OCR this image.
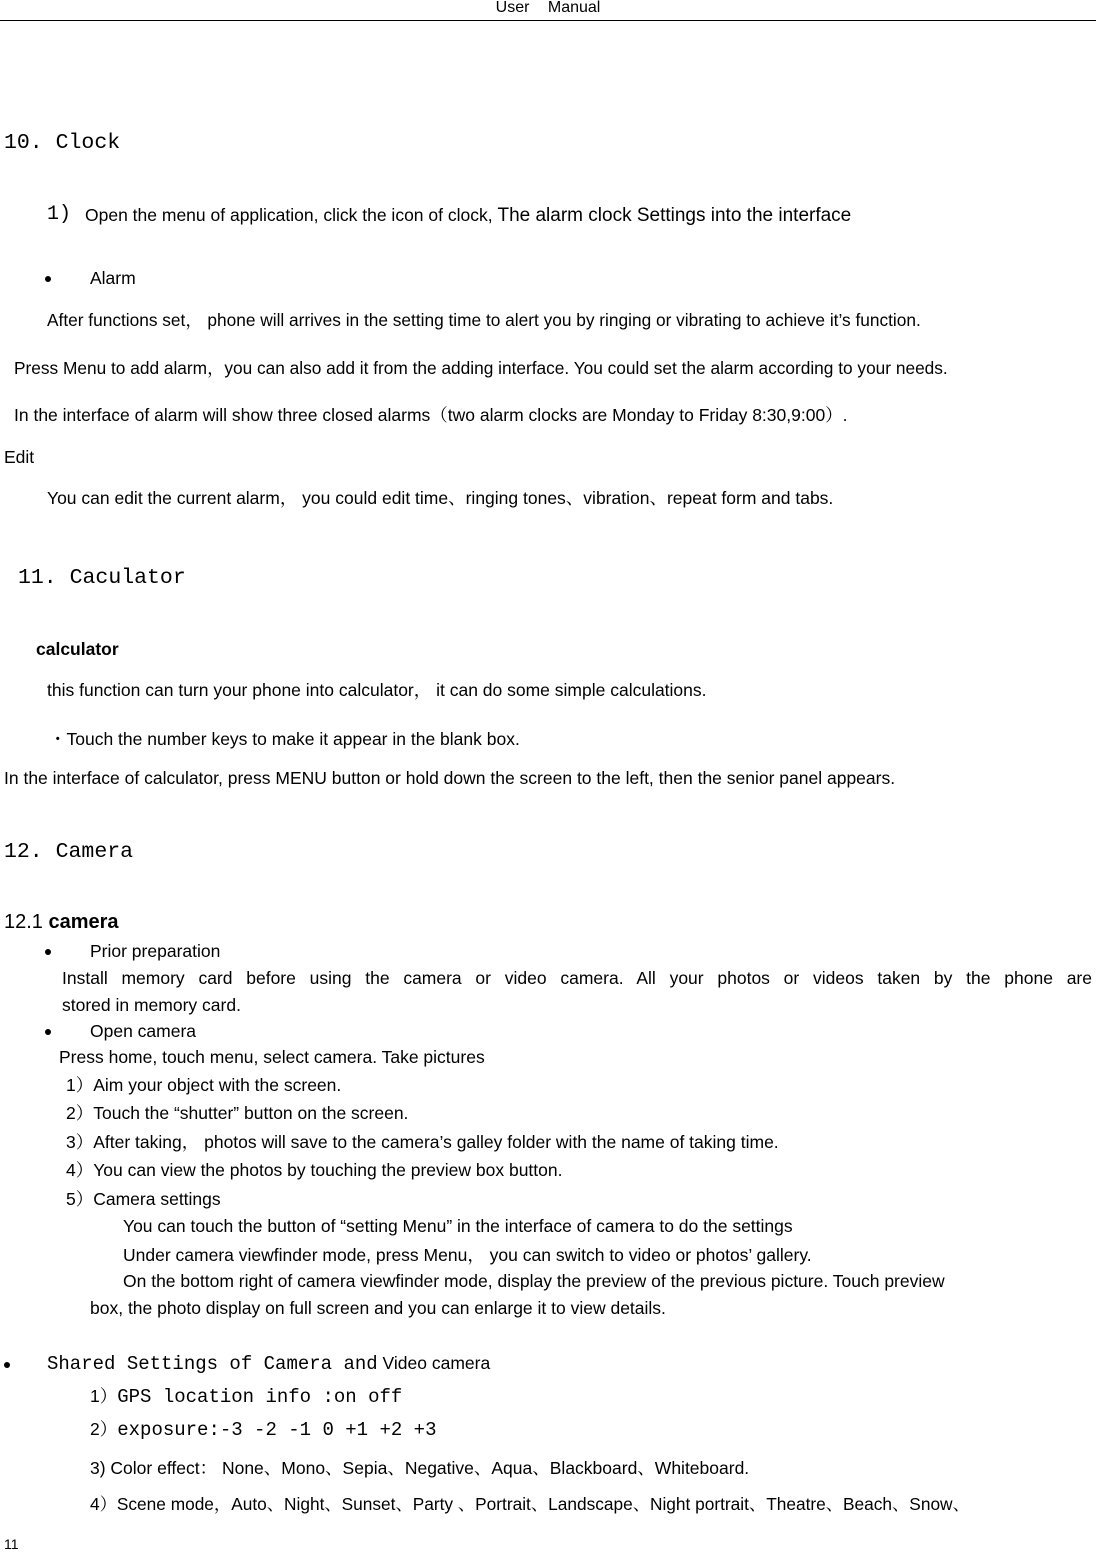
User Manual
10. Clock
1) Open the menu of application, click the icon of clock, The alarm clock Settings into the interface
Alarm
After functions set， phone will arrives in the setting time to alert you by ringing or vibrating to achieve it’s function.
Press Menu to add alarm，you can also add it from the adding interface. You could set the alarm according to your needs.
In the interface of alarm will show three closed alarms（two alarm clocks are Monday to Friday 8:30,9:00）.
Edit
You can edit the current alarm， you could edit time、ringing tones、vibration、repeat form and tabs.
11. Caculator
calculator
this function can turn your phone into calculator， it can do some simple calculations.
・Touch the number keys to make it appear in the blank box.
In the interface of calculator, press MENU button or hold down the screen to the left, then the senior panel appears.
12. Camera
12.1 camera
Prior preparation
Install memory card before using the camera or video camera. All your photos or videos taken by the phone are
stored in memory card.
Open camera
Press home, touch menu, select camera. Take pictures
1）Aim your object with the screen.
2）Touch the “shutter” button on the screen.
3）After taking， photos will save to the camera’s galley folder with the name of taking time.
4）You can view the photos by touching the preview box button.
5）Camera settings
You can touch the button of “setting Menu” in the interface of camera to do the settings
Under camera viewfinder mode, press Menu， you can switch to video or photos’ gallery.
On the bottom right of camera viewfinder mode, display the preview of the previous picture. Touch preview
box, the photo display on full screen and you can enlarge it to view details.
Shared Settings of Camera and Video camera
1）GPS location info :on off
2）exposure:-3 -2 -1 0 +1 +2 +3
3) Color effect： None、Mono、Sepia、Negative、Aqua、Blackboard、Whiteboard.
4）Scene mode，Auto、Night、Sunset、Party 、Portrait、Landscape、Night portrait、Theatre、Beach、Snow、
11
